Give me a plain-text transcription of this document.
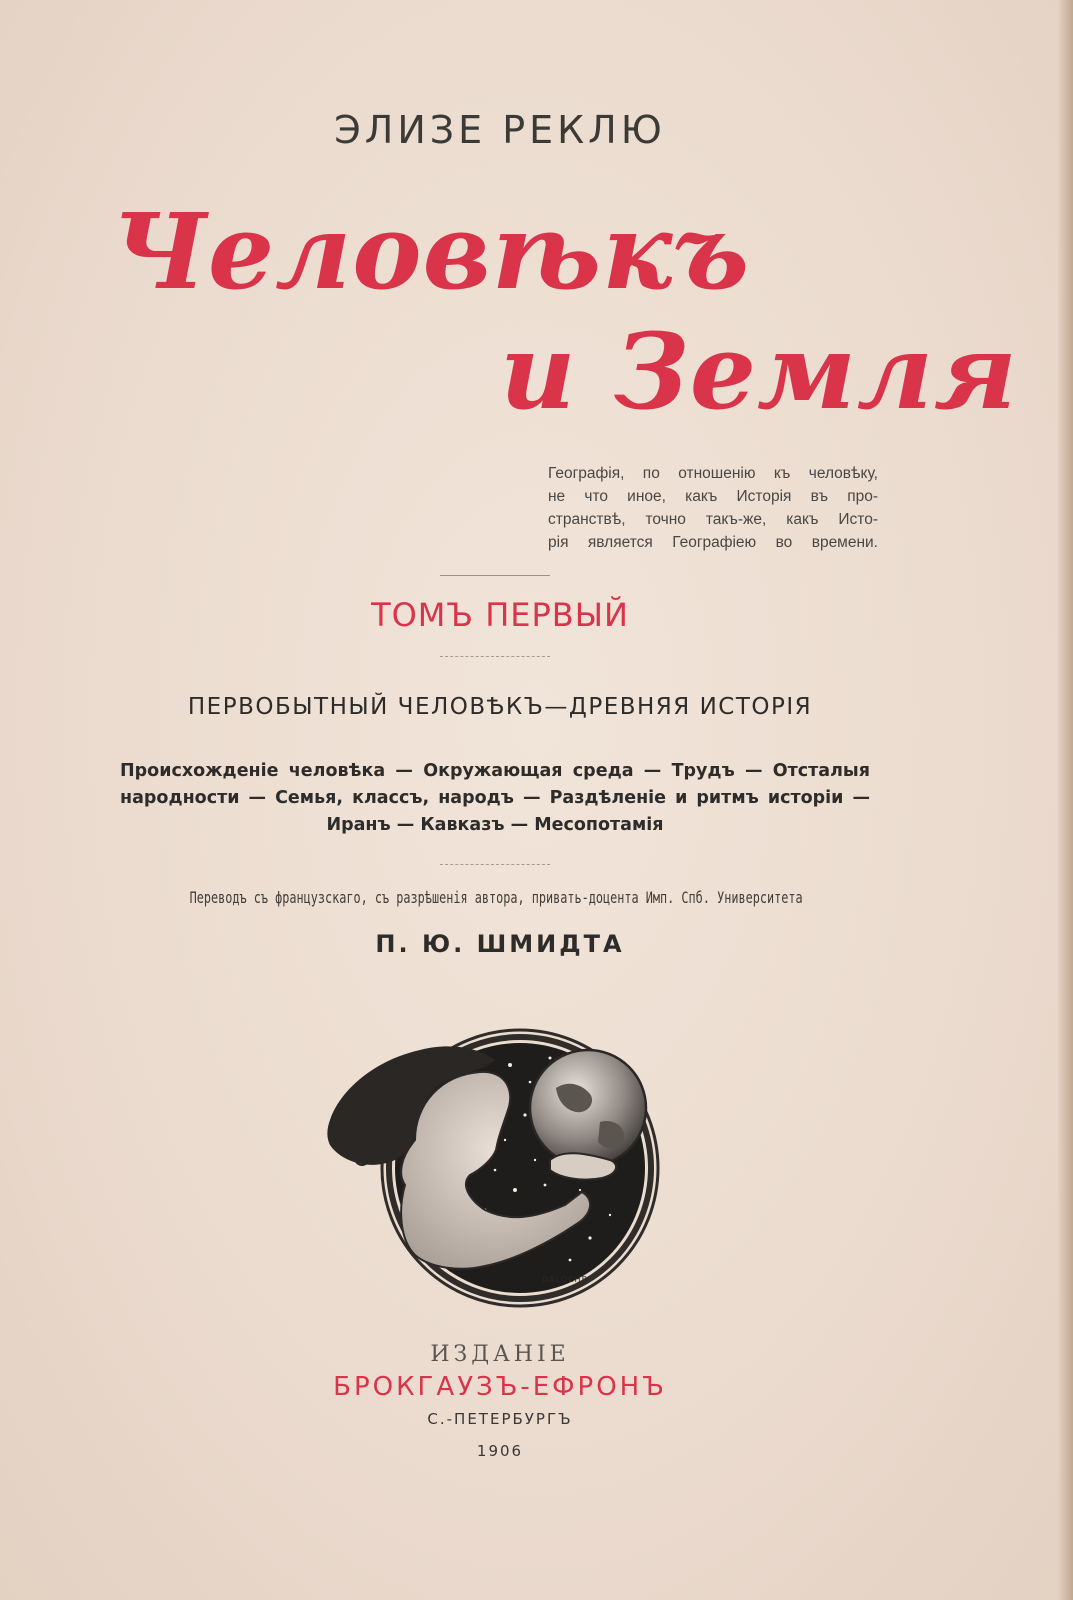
ЭЛИЗЕ РЕКЛЮ
Человѣкъ
и Земля
Географія, по отношенію къ человѣку,
не что иное, какъ Исторія въ про-
странствѣ, точно такъ-же, какъ Исто-
рія является Географіею во времени.
ТОМЪ ПЕРВЫЙ
ПЕРВОБЫТНЫЙ ЧЕЛОВѢКЪ—ДРЕВНЯЯ ИСТОРІЯ
Происхожденіе человѣка — Окружающая среда — Трудъ — Отсталыя
народности — Семья, классъ, народъ — Раздѣленіе и ритмъ исторіи —
Иранъ — Кавказъ — Месопотамія
Переводъ съ французскаго, съ разрѣшенія автора, привать-доцента Имп. Спб. Университета
П. Ю. ШМИДТА
DALOCHB
ИЗДАНІЕ
БРОКГАУЗЪ-ЕФРОНЪ
С.-ПЕТЕРБУРГЪ
1906
